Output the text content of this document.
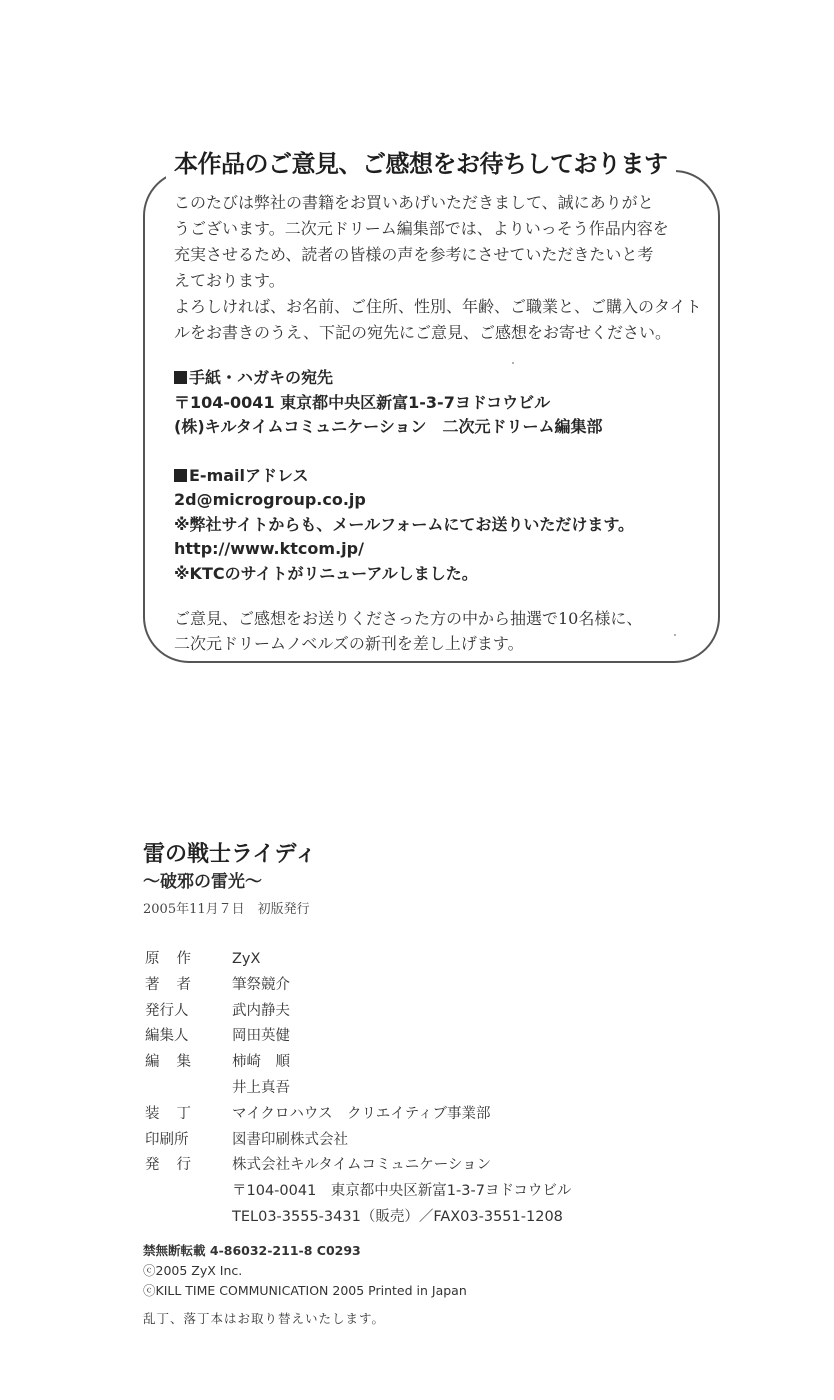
本作品のご意見、ご感想をお待ちしております

このたびは弊社の書籍をお買いあげいただきまして、誠にありがと

うございます。二次元ドリーム編集部では、よりいっそう作品内容を

充実させるため、読者の皆様の声を参考にさせていただきたいと考

えております。

よろしければ、お名前、ご住所、性別、年齢、ご職業と、ご購入のタイト

ルをお書きのうえ、下記の宛先にご意見、ご感想をお寄せください。

手紙・ハガキの宛先
〒104-0041 東京都中央区新富1-3-7ヨドコウビル
(株)キルタイムコミュニケーション　二次元ドリーム編集部
E-mailアドレス
2d@microgroup.co.jp
※弊社サイトからも、メールフォームにてお送りいただけます。
http://www.ktcom.jp/
※KTCのサイトがリニューアルしました。
ご意見、ご感想をお送りくださった方の中から抽選で10名様に、
二次元ドリームノベルズの新刊を差し上げます。
雷の戦士ライディ
～破邪の雷光～
2005年11月７日　初版発行
原作	ZyX
著者	筆祭競介
発行人	武内静夫
編集人	岡田英健
編集	柿崎　順
井上真吾
装丁	マイクロハウス　クリエイティブ事業部
印刷所	図書印刷株式会社
発行	株式会社キルタイムコミュニケーション
〒104-0041　東京都中央区新富1-3-7ヨドコウビル
TEL03-3555-3431（販売）／FAX03-3551-1208
禁無断転載 4-86032-211-8 C0293
ⓒ2005 ZyX Inc.
ⓒKILL TIME COMMUNICATION 2005 Printed in Japan
乱丁、落丁本はお取り替えいたします。
